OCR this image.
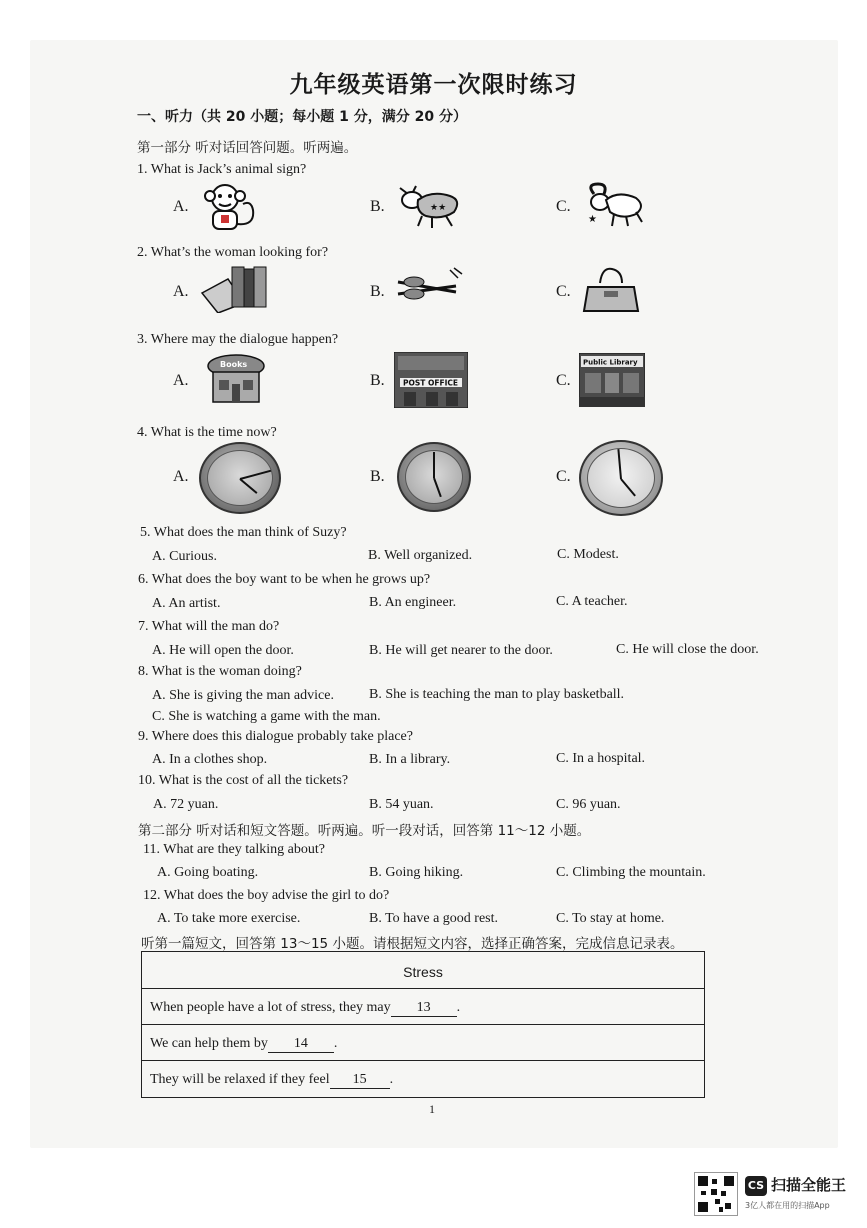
九年级英语第一次限时练习
一、听力（共 20 小题；每小题 1 分，满分 20 分）
第一部分 听对话回答问题。听两遍。
1. What is Jack’s animal sign?
A.	B.	C.
★★
★
2. What’s the woman looking for?
A.	B.	C.
3. Where may the dialogue happen?
A.	B.	C.
Books
POST OFFICE
Public Library
4. What is the time now?
A.	B.	C.
5. What does the man think of Suzy?
A. Curious.	B. Well organized.	C. Modest.
6. What does the boy want to be when he grows up?
A. An artist.	B. An engineer.	C. A teacher.
7. What will the man do?
A. He will open the door.	B. He will get nearer to the door.	C. He will close the door.
8. What is the woman doing?
A. She is giving the man advice.	B. She is teaching the man to play basketball.
C. She is watching a game with the man.
9. Where does this dialogue probably take place?
A. In a clothes shop.	B. In a library.	C. In a hospital.
10. What is the cost of all the tickets?
A. 72 yuan.	B. 54 yuan.	C. 96 yuan.
第二部分 听对话和短文答题。听两遍。听一段对话，回答第 11～12 小题。
11. What are they talking about?
A. Going boating.	B. Going hiking.	C. Climbing the mountain.
12. What does the boy advise the girl to do?
A. To take more exercise.	B. To have a good rest.	C. To stay at home.
听第一篇短文，回答第 13～15 小题。请根据短文内容，选择正确答案，完成信息记录表。
Stress
When people have a lot of stress, they may 13 .
We can help them by 14 .
They will be relaxed if they feel 15 .
1
CS 扫描全能王
3亿人都在用的扫描App
